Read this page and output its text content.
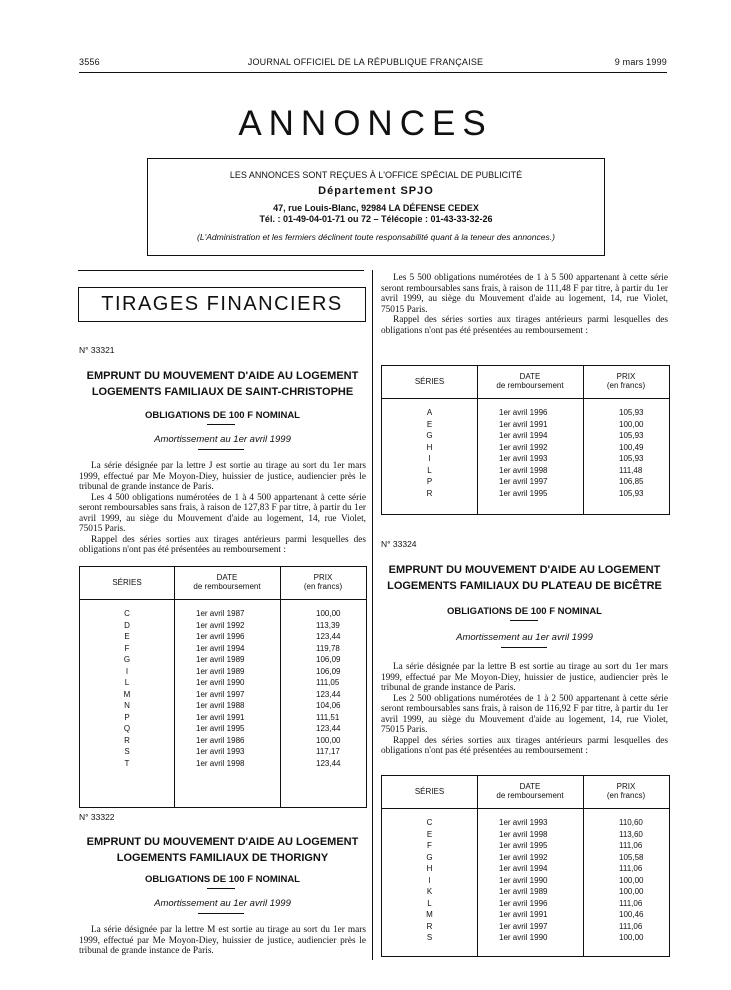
3556	JOURNAL OFFICIEL DE LA RÉPUBLIQUE FRANÇAISE	9 mars 1999
ANNONCES
LES ANNONCES SONT REÇUES À L'OFFICE SPÉCIAL DE PUBLICITÉ
Département SPJO
47, rue Louis-Blanc, 92984 LA DÉFENSE CEDEX
Tél. : 01-49-04-01-71 ou 72 – Télécopie : 01-43-33-32-26
(L'Administration et les fermiers déclinent toute responsabilité quant à la teneur des annonces.)
TIRAGES FINANCIERS
N° 33321
EMPRUNT DU MOUVEMENT D'AIDE AU LOGEMENT
LOGEMENTS FAMILIAUX DE SAINT-CHRISTOPHE
OBLIGATIONS DE 100 F NOMINAL
Amortissement au 1er avril 1999

La série désignée par la lettre J est sortie au tirage au sort du 1er mars 1999, effectué par Me Moyon-Diey, huissier de justice, audiencier près le tribunal de grande instance de Paris.

Les 4 500 obligations numérotées de 1 à 4 500 appartenant à cette série seront remboursables sans frais, à raison de 127,83 F par titre, à partir du 1er avril 1999, au siège du Mouvement d'aide au logement, 14, rue Violet, 75015 Paris.

Rappel des séries sorties aux tirages antérieurs parmi lesquelles des obligations n'ont pas été présentées au remboursement :

SÉRIES
DATE
de remboursement
PRIX
(en francs)
C	1er avril 1987	100,00
D	1er avril 1992	113,39
E	1er avril 1996	123,44
F	1er avril 1994	119,78
G	1er avril 1989	106,09
I	1er avril 1989	106,09
L	1er avril 1990	111,05
M	1er avril 1997	123,44
N	1er avril 1988	104,06
P	1er avril 1991	111,51
Q	1er avril 1995	123,44
R	1er avril 1986	100,00
S	1er avril 1993	117,17
T	1er avril 1998	123,44
N° 33322
EMPRUNT DU MOUVEMENT D'AIDE AU LOGEMENT
LOGEMENTS FAMILIAUX DE THORIGNY
OBLIGATIONS DE 100 F NOMINAL
Amortissement au 1er avril 1999

La série désignée par la lettre M est sortie au tirage au sort du 1er mars 1999, effectué par Me Moyon-Diey, huissier de justice, audiencier près le tribunal de grande instance de Paris.

Les 5 500 obligations numérotées de 1 à 5 500 appartenant à cette série seront remboursables sans frais, à raison de 111,48 F par titre, à partir du 1er avril 1999, au siège du Mouvement d'aide au logement, 14, rue Violet, 75015 Paris.

Rappel des séries sorties aux tirages antérieurs parmi lesquelles des obligations n'ont pas été présentées au remboursement :

SÉRIES
DATE
de remboursement
PRIX
(en francs)
A	1er avril 1996	105,93
E	1er avril 1991	100,00
G	1er avril 1994	105,93
H	1er avril 1992	100,49
I	1er avril 1993	105,93
L	1er avril 1998	111,48
P	1er avril 1997	106,85
R	1er avril 1995	105,93
N° 33324
EMPRUNT DU MOUVEMENT D'AIDE AU LOGEMENT
LOGEMENTS FAMILIAUX DU PLATEAU DE BICÊTRE
OBLIGATIONS DE 100 F NOMINAL
Amortissement au 1er avril 1999

La série désignée par la lettre B est sortie au tirage au sort du 1er mars 1999, effectué par Me Moyon-Diey, huissier de justice, audiencier près le tribunal de grande instance de Paris.

Les 2 500 obligations numérotées de 1 à 2 500 appartenant à cette série seront remboursables sans frais, à raison de 116,92 F par titre, à partir du 1er avril 1999, au siège du Mouvement d'aide au logement, 14, rue Violet, 75015 Paris.

Rappel des séries sorties aux tirages antérieurs parmi lesquelles des obligations n'ont pas été présentées au remboursement :

SÉRIES
DATE
de remboursement
PRIX
(en francs)
C	1er avril 1993	110,60
E	1er avril 1998	113,60
F	1er avril 1995	111,06
G	1er avril 1992	105,58
H	1er avril 1994	111,06
I	1er avril 1990	100,00
K	1er avril 1989	100,00
L	1er avril 1996	111,06
M	1er avril 1991	100,46
R	1er avril 1997	111,06
S	1er avril 1990	100,00
